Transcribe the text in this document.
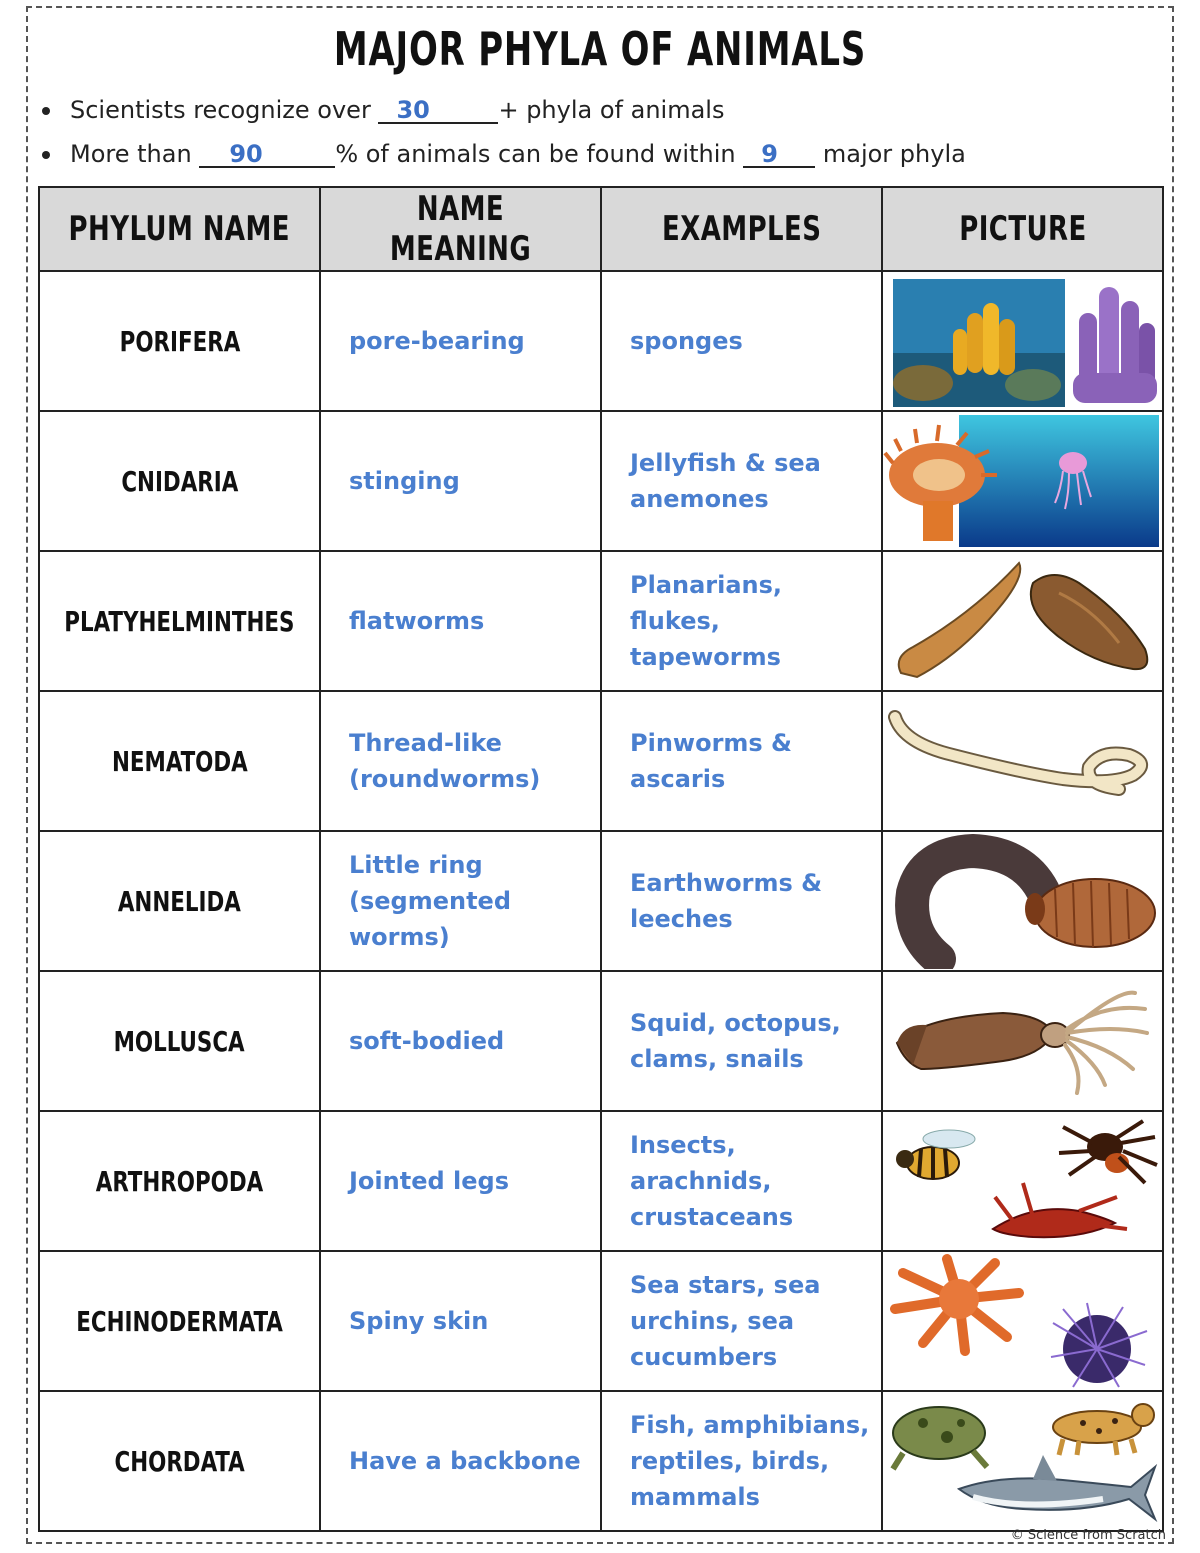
MAJOR PHYLA OF ANIMALS
Scientists recognize over 30	+ phyla of animals
More than 90	% of animals can be found within 9 major phyla
PHYLUM NAME	NAME MEANING	EXAMPLES	PICTURE
PORIFERA	pore-bearing	sponges	

CNIDARIA	stinging	Jellyfish & sea anemones	

PLATYHELMINTHES	flatworms	Planarians, flukes, tapeworms	

NEMATODA	Thread-like (roundworms)	Pinworms & ascaris	

ANNELIDA	Little ring (segmented worms)	Earthworms & leeches	

MOLLUSCA	soft-bodied	Squid, octopus, clams, snails	

ARTHROPODA	Jointed legs	Insects, arachnids, crustaceans	

ECHINODERMATA	Spiny skin	Sea stars, sea urchins, sea cucumbers	

CHORDATA	Have a backbone	Fish, amphibians, reptiles, birds, mammals	
© Science from Scratch
